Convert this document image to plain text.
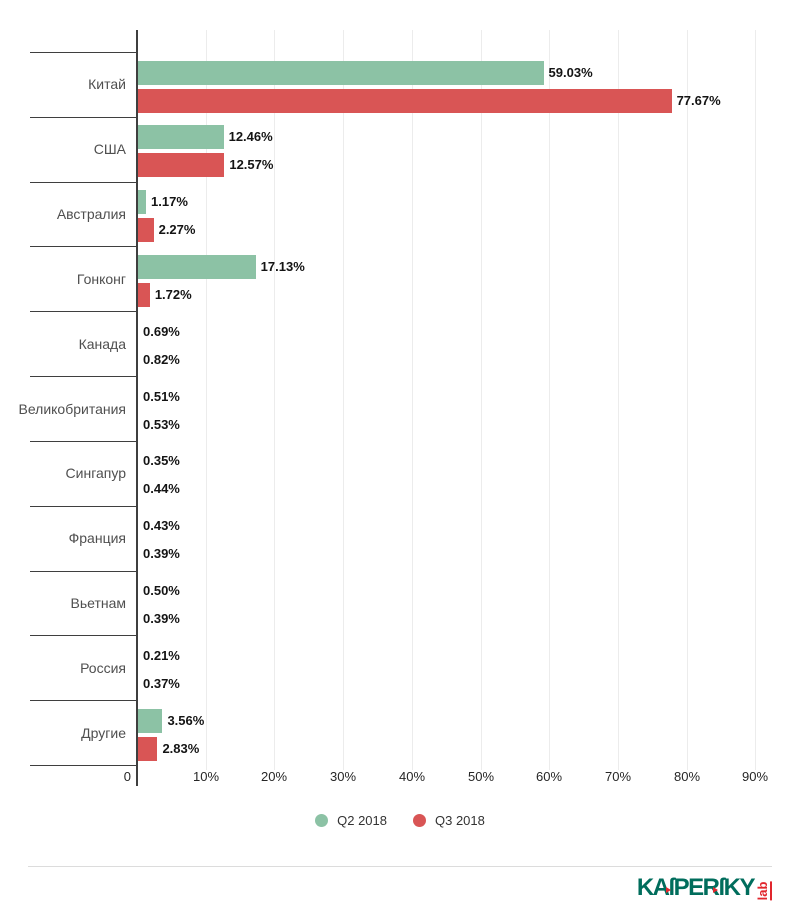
Китай
59.03%
77.67%
США
12.46%
12.57%
Австралия
1.17%
2.27%
Гонконг
17.13%
1.72%
Канада
0.69%
0.82%
Великобритания
0.51%
0.53%
Сингапур
0.35%
0.44%
Франция
0.43%
0.39%
Вьетнам
0.50%
0.39%
Россия
0.21%
0.37%
Другие
3.56%
2.83%
0	10%	20%	30%	40%	50%	60%	70%	80%	90%
Q2 2018	Q3 2018
KAſPERſKY lab
